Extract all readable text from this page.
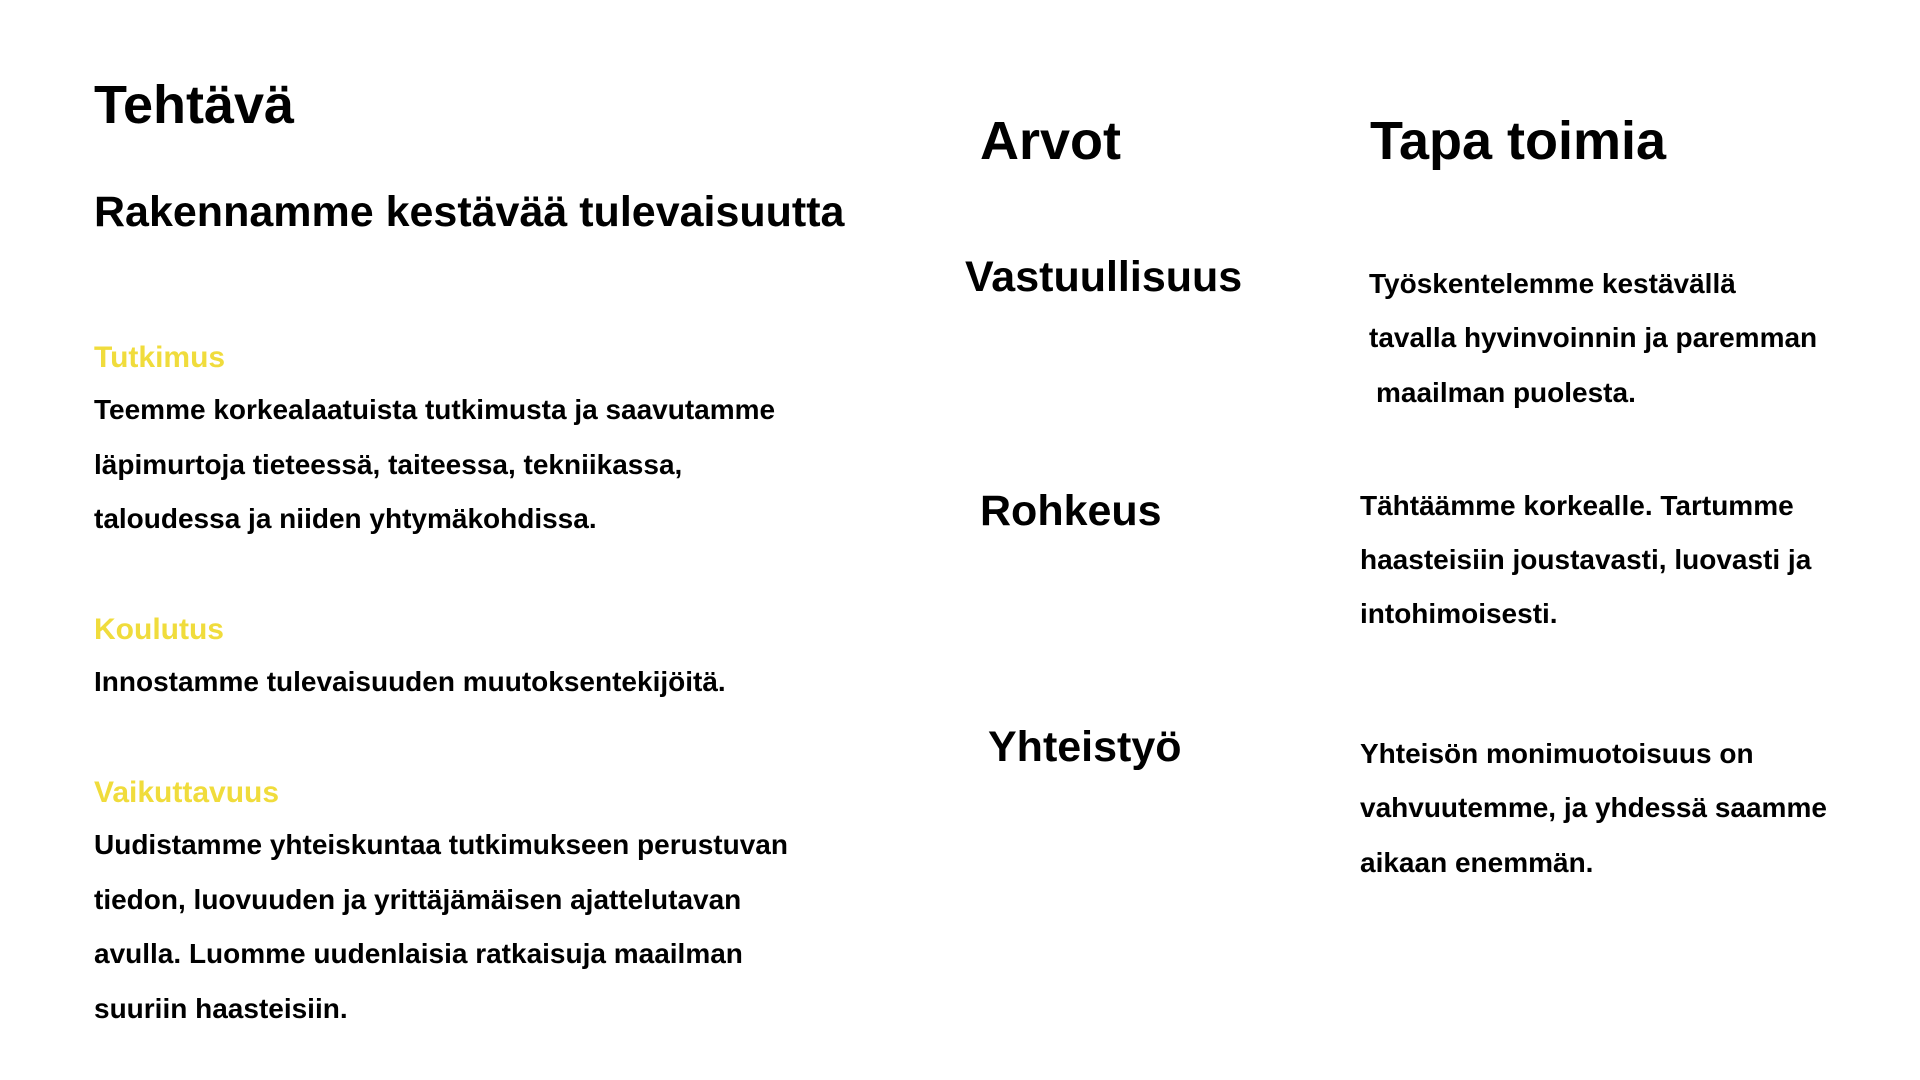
Tehtävä
Rakennamme kestävää tulevaisuutta
Tutkimus
Teemme korkealaatuista tutkimusta ja saavutamme
läpimurtoja tieteessä, taiteessa, tekniikassa,
taloudessa ja niiden yhtymäkohdissa.
Koulutus
Innostamme tulevaisuuden muutoksentekijöitä.
Vaikuttavuus
Uudistamme yhteiskuntaa tutkimukseen perustuvan
tiedon, luovuuden ja yrittäjämäisen ajattelutavan
avulla. Luomme uudenlaisia ratkaisuja maailman
suuriin haasteisiin.
Arvot
Vastuullisuus
Rohkeus
Yhteistyö
Tapa toimia
Työskentelemme kestävällä
tavalla hyvinvoinnin ja paremman
maailman puolesta.
Tähtäämme korkealle. Tartumme
haasteisiin joustavasti, luovasti ja
intohimoisesti.
Yhteisön monimuotoisuus on
vahvuutemme, ja yhdessä saamme
aikaan enemmän.
